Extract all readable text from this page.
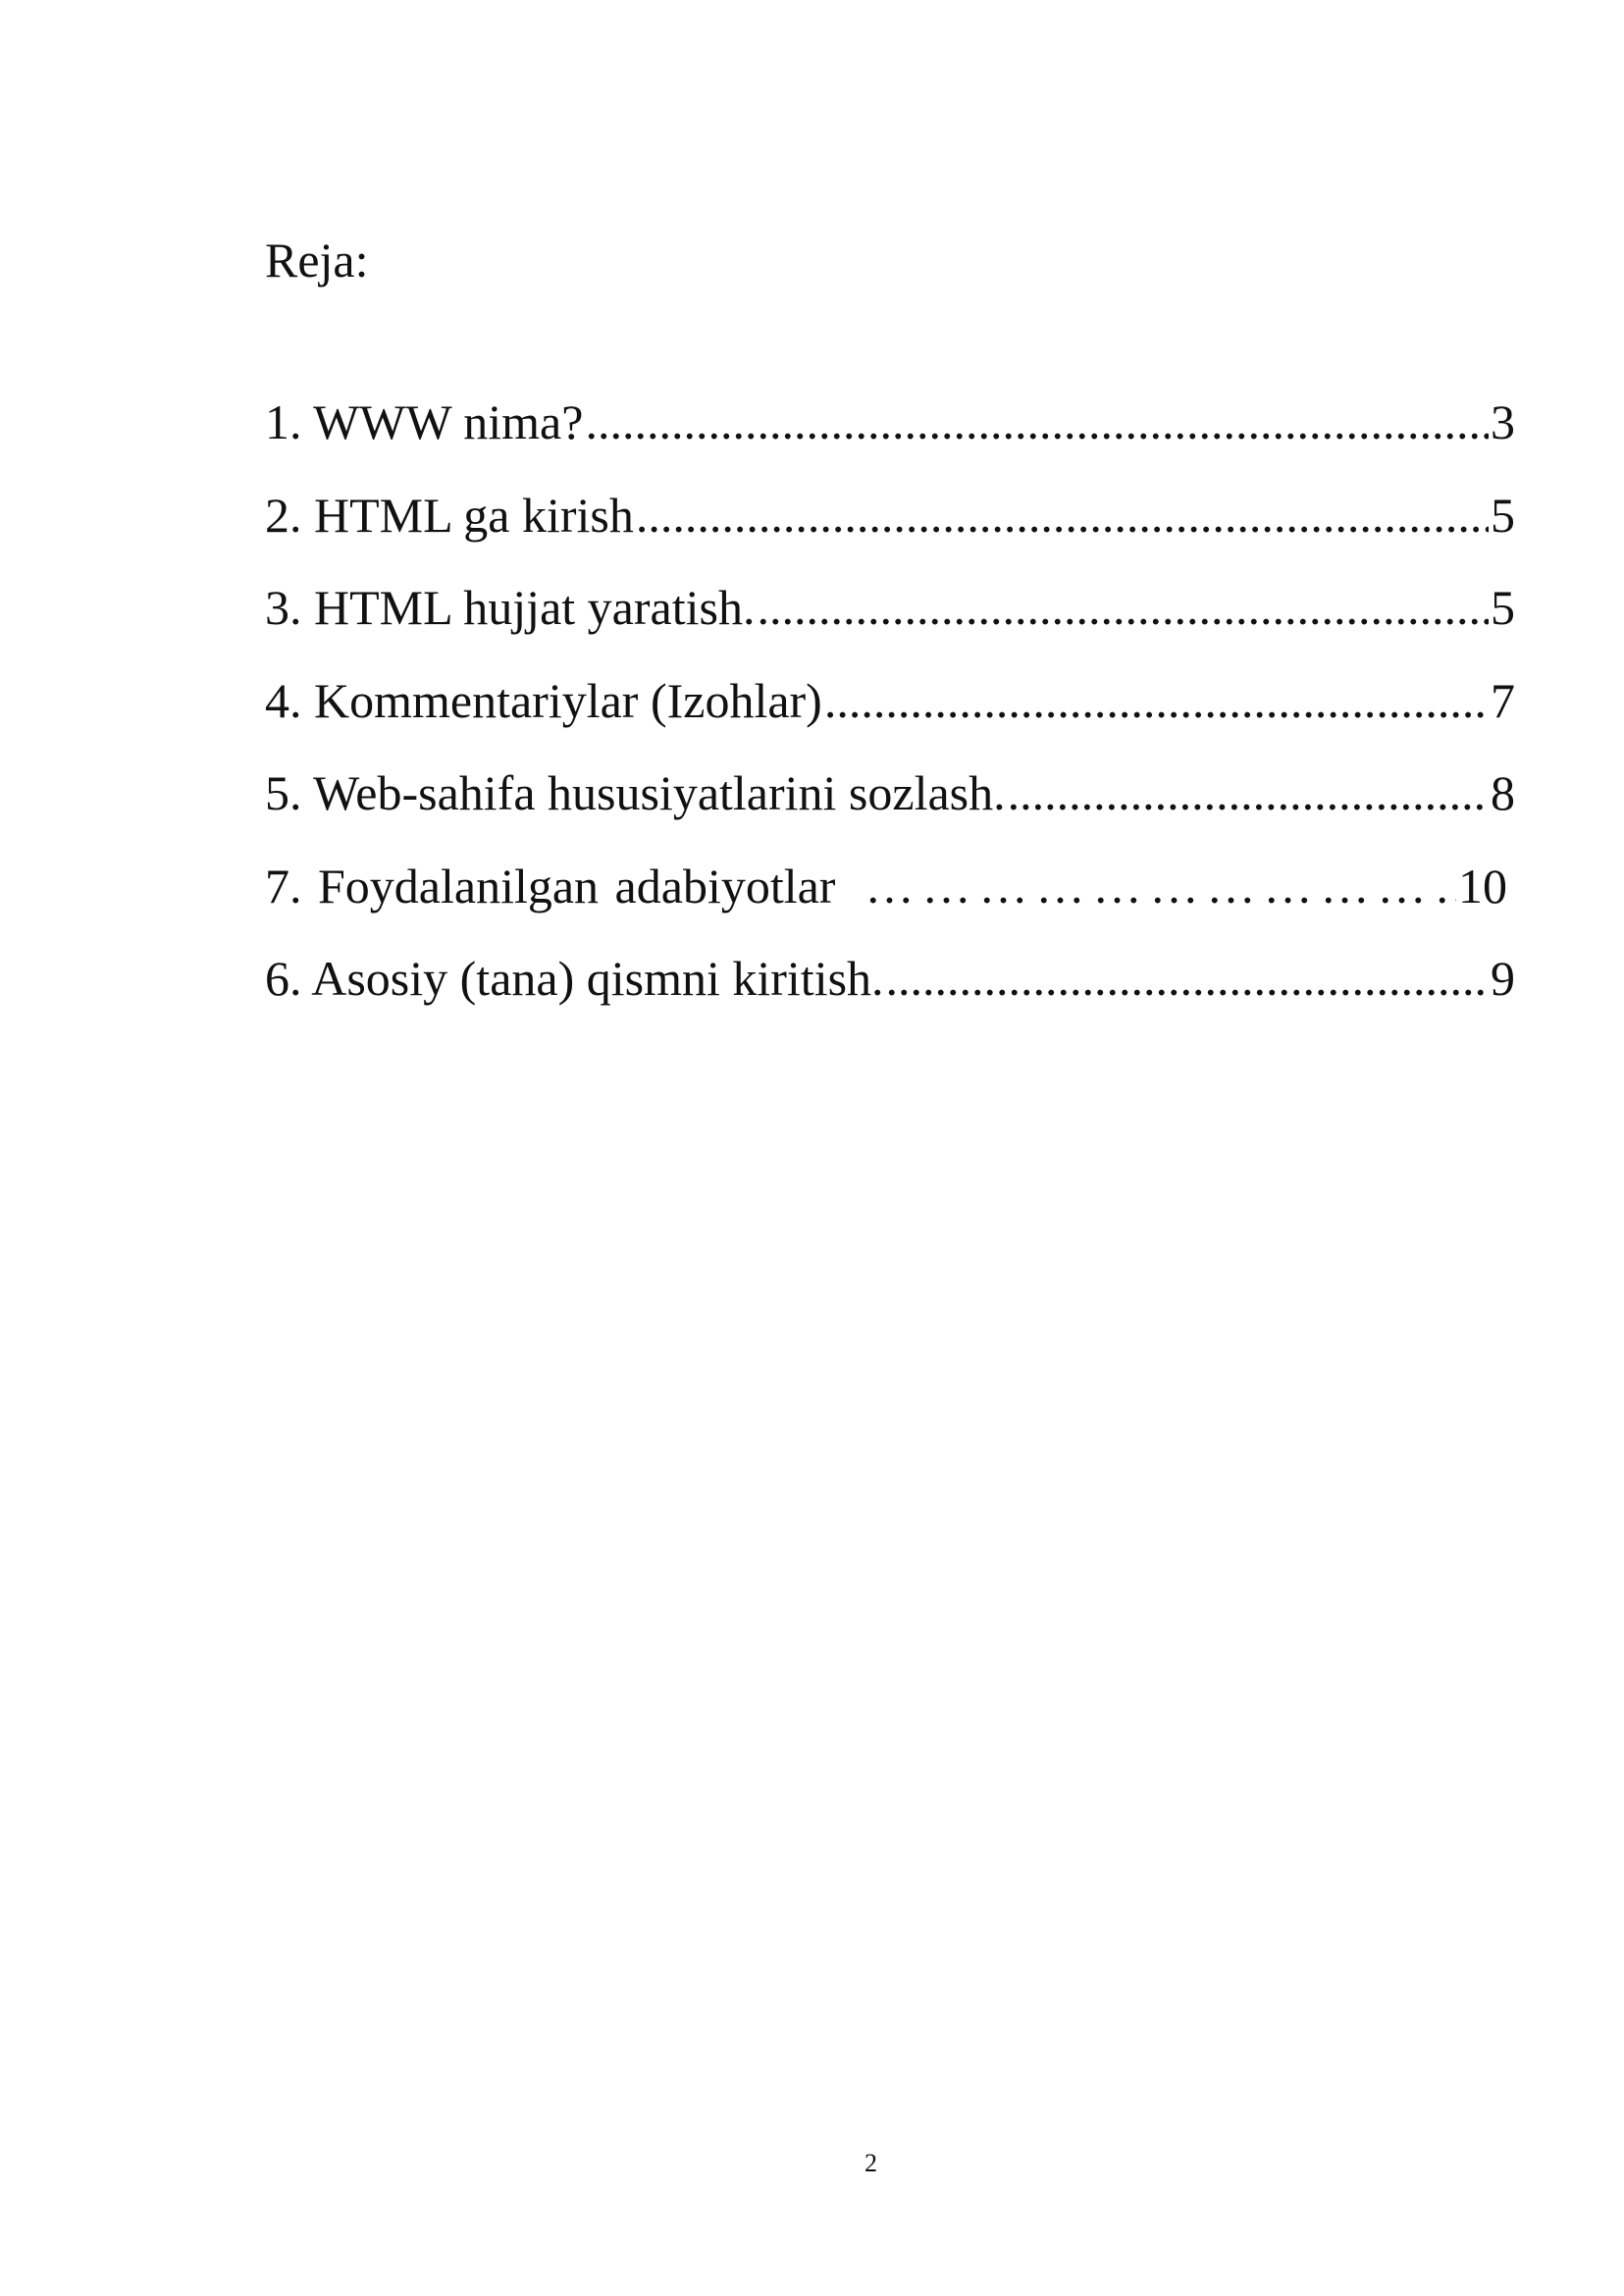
Reja:
1. WWW nima? .....	3
2. HTML ga kirish .....	5
3. HTML hujjat yaratish. .....	5
4. Kommentariylar (Izohlar) .....	7
5. Web-sahifa hususiyatlarini sozlash. .....	8
7. Foydalanilgan adabiyotlar ……………………………………………………………………………………	10
6. Asosiy (tana) qismni kiritish. .....	9
2
